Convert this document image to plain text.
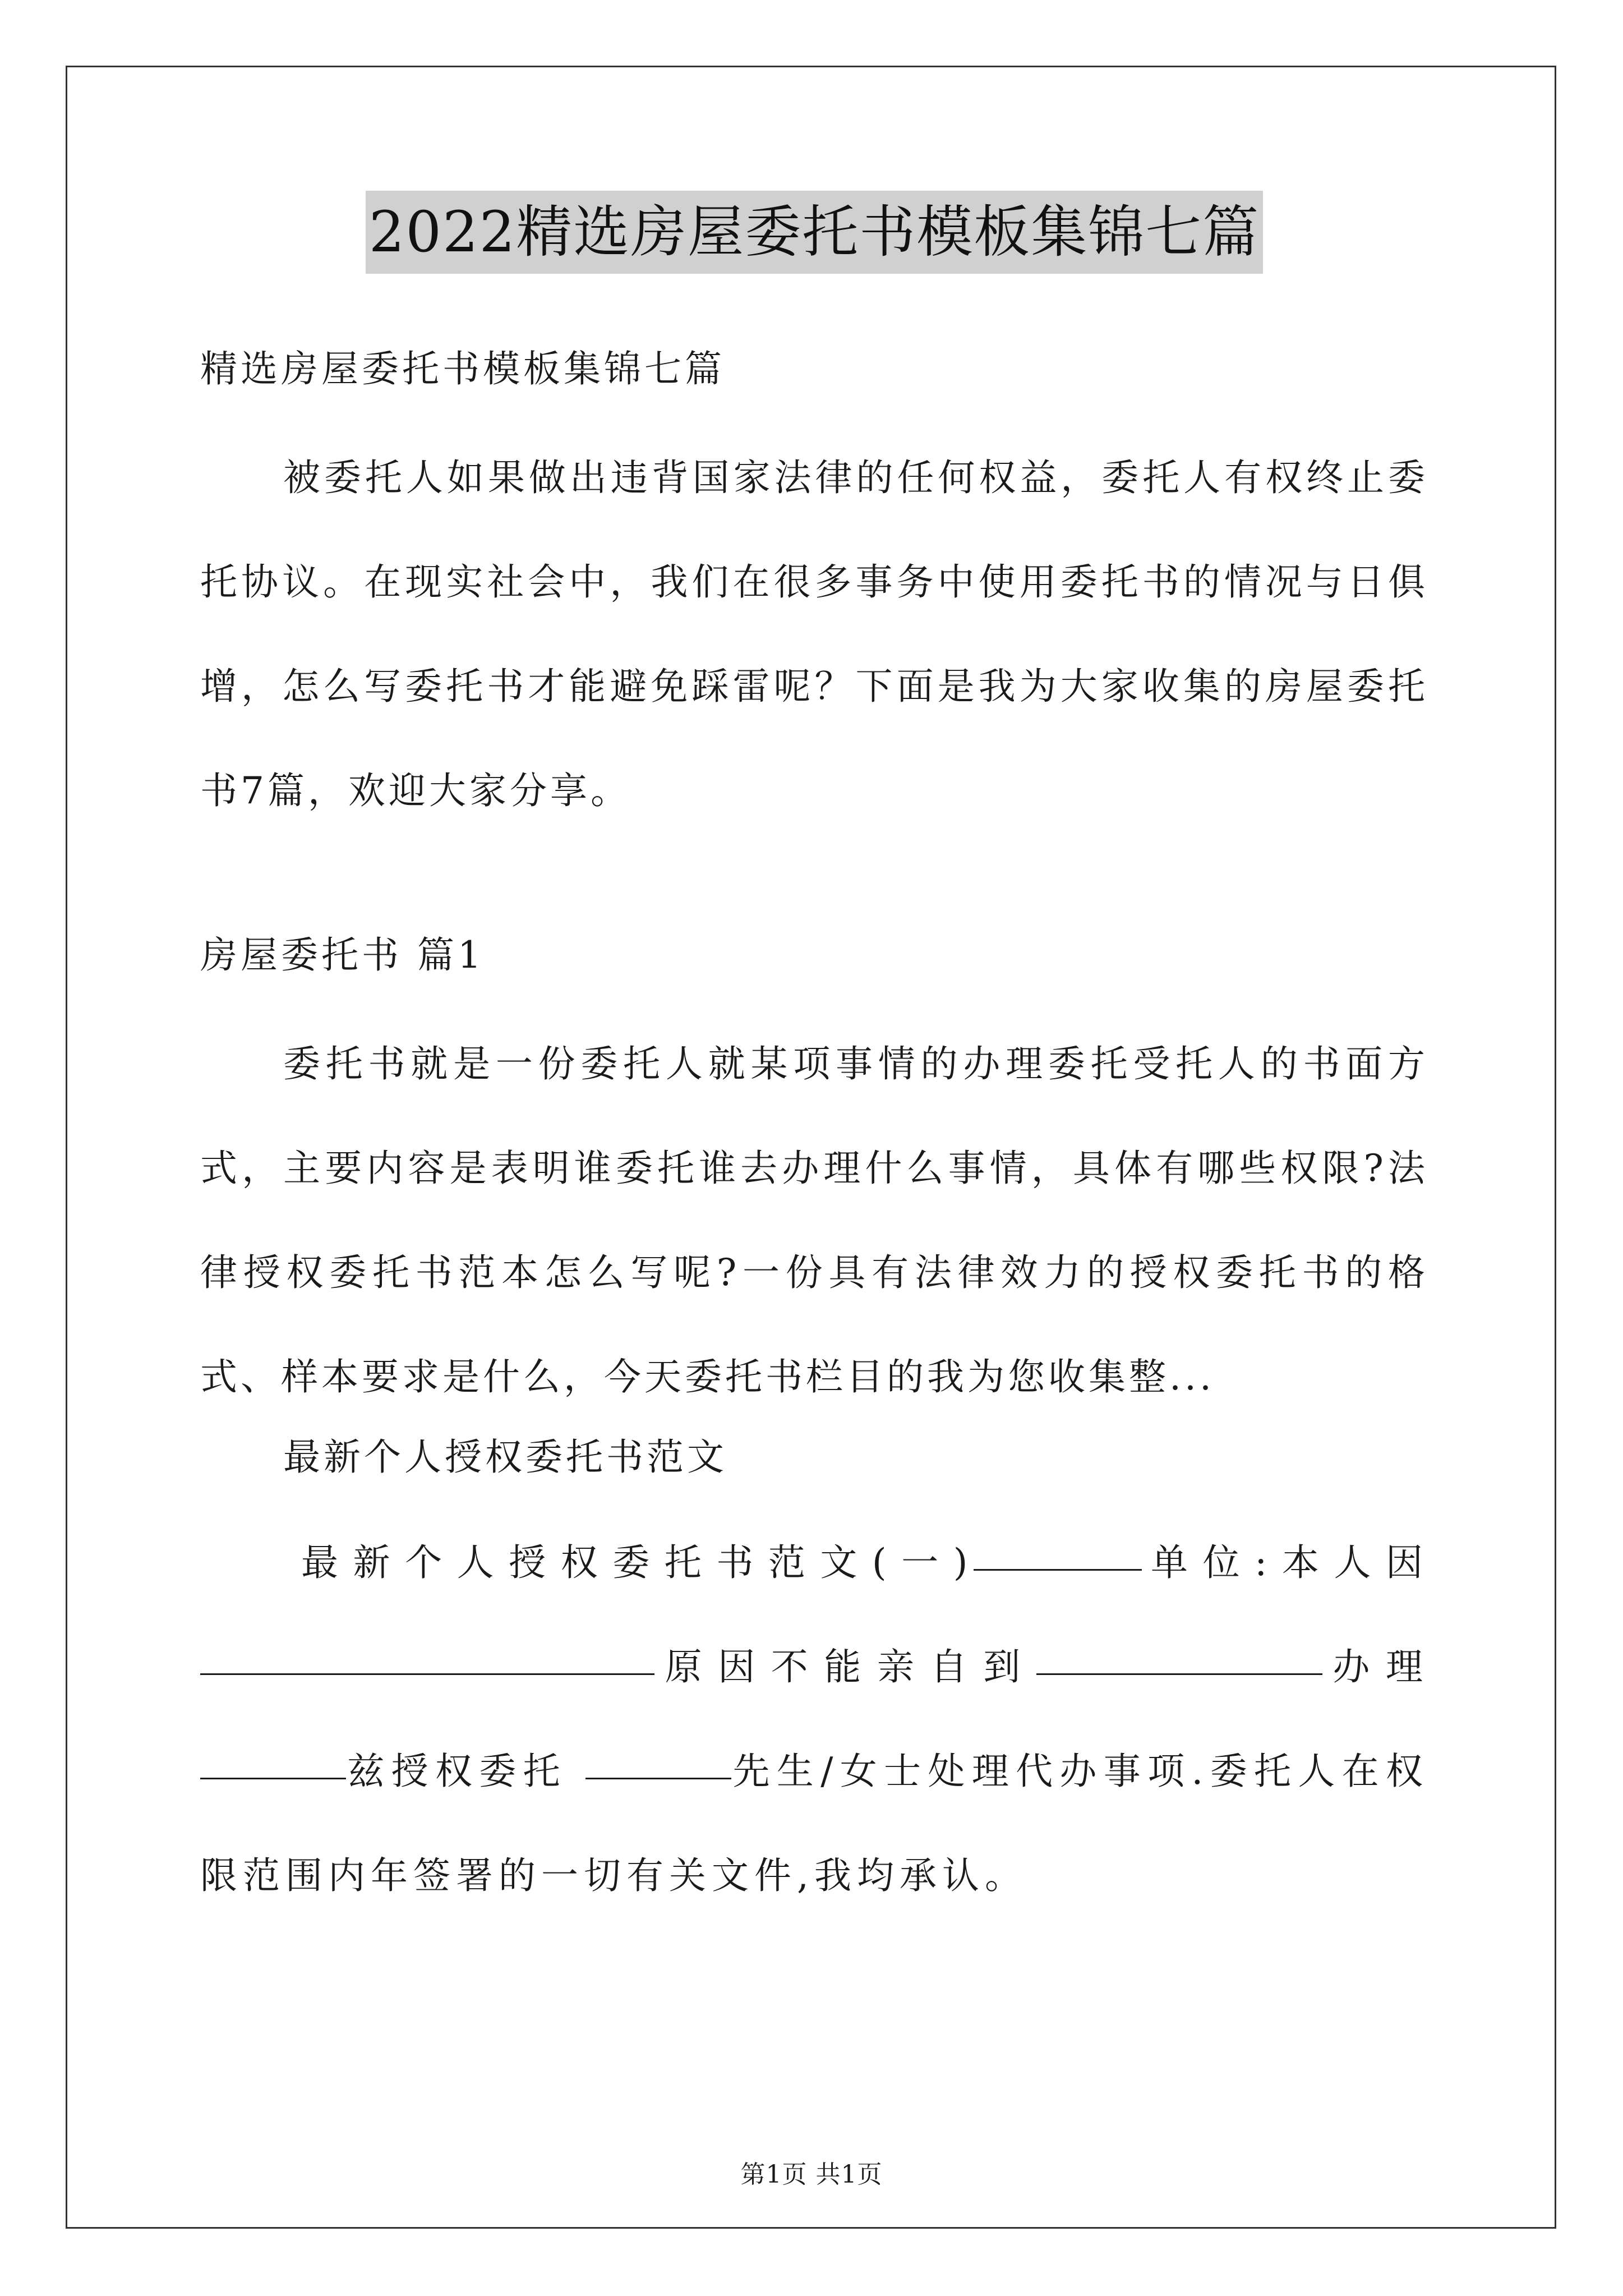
2022精选房屋委托书模板集锦七篇

精选房屋委托书模板集锦七篇

被委托人如果做出违背国家法律的任何权益，委托人有权终止委托协议。在现实社会中，我们在很多事务中使用委托书的情况与日俱增，怎么写委托书才能避免踩雷呢？下面是我为大家收集的房屋委托书7篇，欢迎大家分享。

房屋委托书 篇1

委托书就是一份委托人就某项事情的办理委托受托人的书面方式，主要内容是表明谁委托谁去办理什么事情，具体有哪些权限?法律授权委托书范本怎么写呢?一份具有法律效力的授权委托书的格式、样本要求是什么，今天委托书栏目的我为您收集整...

最新个人授权委托书范文

最新个人授权委托书范文(一)	单位:本人因 原因不能亲自到	办理 兹授权委托	先生/女士处理代办事项.委托人在权限范围内年签署的一切有关文件,我均承认。

第1页 共1页
